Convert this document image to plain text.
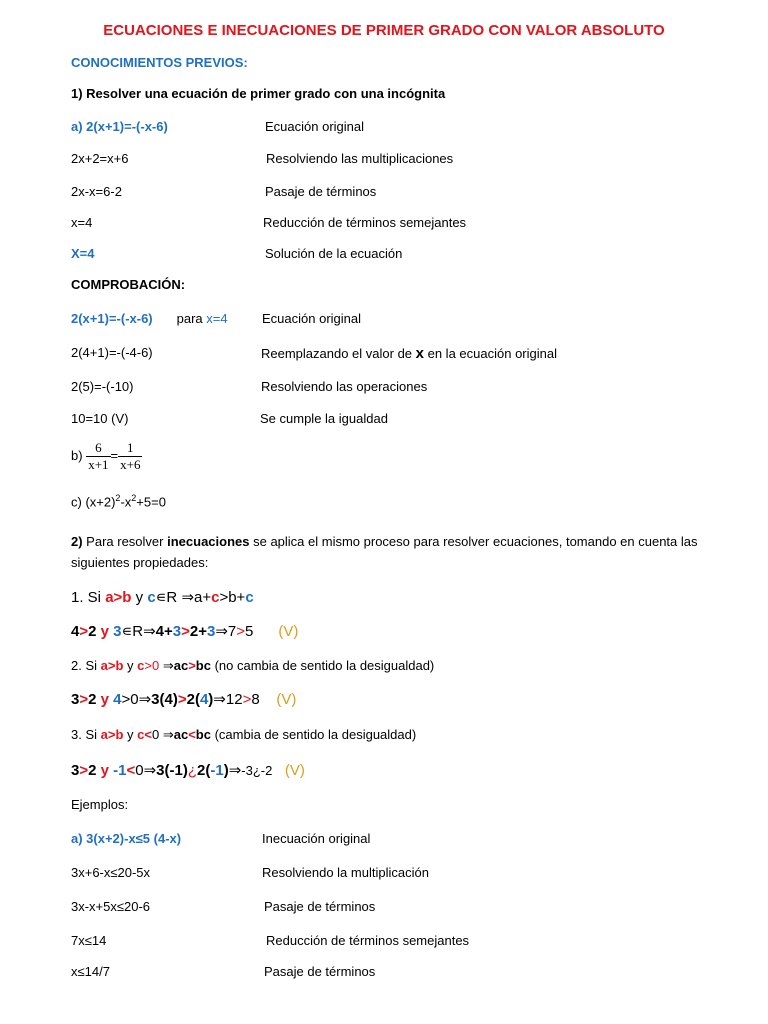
ECUACIONES E INECUACIONES DE PRIMER GRADO CON VALOR ABSOLUTO
CONOCIMIENTOS PREVIOS:
1) Resolver una ecuación de primer grado con una incógnita
a) 2(x+1)=-(-x-6)	Ecuación original
2x+2=x+6	Resolviendo las multiplicaciones
2x-x=6-2	Pasaje de términos
x=4	Reducción de términos semejantes
X=4	Solución de la ecuación
COMPROBACIÓN:
2(x+1)=-(-x-6) para x=4	Ecuación original
2(4+1)=-(-4-6)	Reemplazando el valor de x en la ecuación original
2(5)=-(-10)	Resolviendo las operaciones
10=10 (V)	Se cumple la igualdad
$b) \frac{6}{x+1} = \frac{1}{x+6}$
c) $(x+2)^2-x^2+5=0$
2) Para resolver inecuaciones se aplica el mismo proceso para resolver ecuaciones, tomando en cuenta las siguientes propiedades:
1. Si a>b y c∊R ⇒a+c>b+c
4>2 y 3∊R⇒4+3>2+3⇒7>5      (V)
2. Si a>b y c>0 ⇒ac>bc (no cambia de sentido la desigualdad)
3>2 y 4>0⇒3(4)>2(4)⇒12>8    (V)
3. Si a>b y c<0 ⇒ac<bc (cambia de sentido la desigualdad)
3>2 y -1<0⇒3(-1)¿2(-1)⇒-3¿-2   (V)
Ejemplos:
a) 3(x+2)-x≤5 (4-x)	Inecuación original
3x+6-x≤20-5x	Resolviendo la multiplicación
3x-x+5x≤20-6	Pasaje de términos
7x≤14	Reducción de términos semejantes
x≤14/7	Pasaje de términos
